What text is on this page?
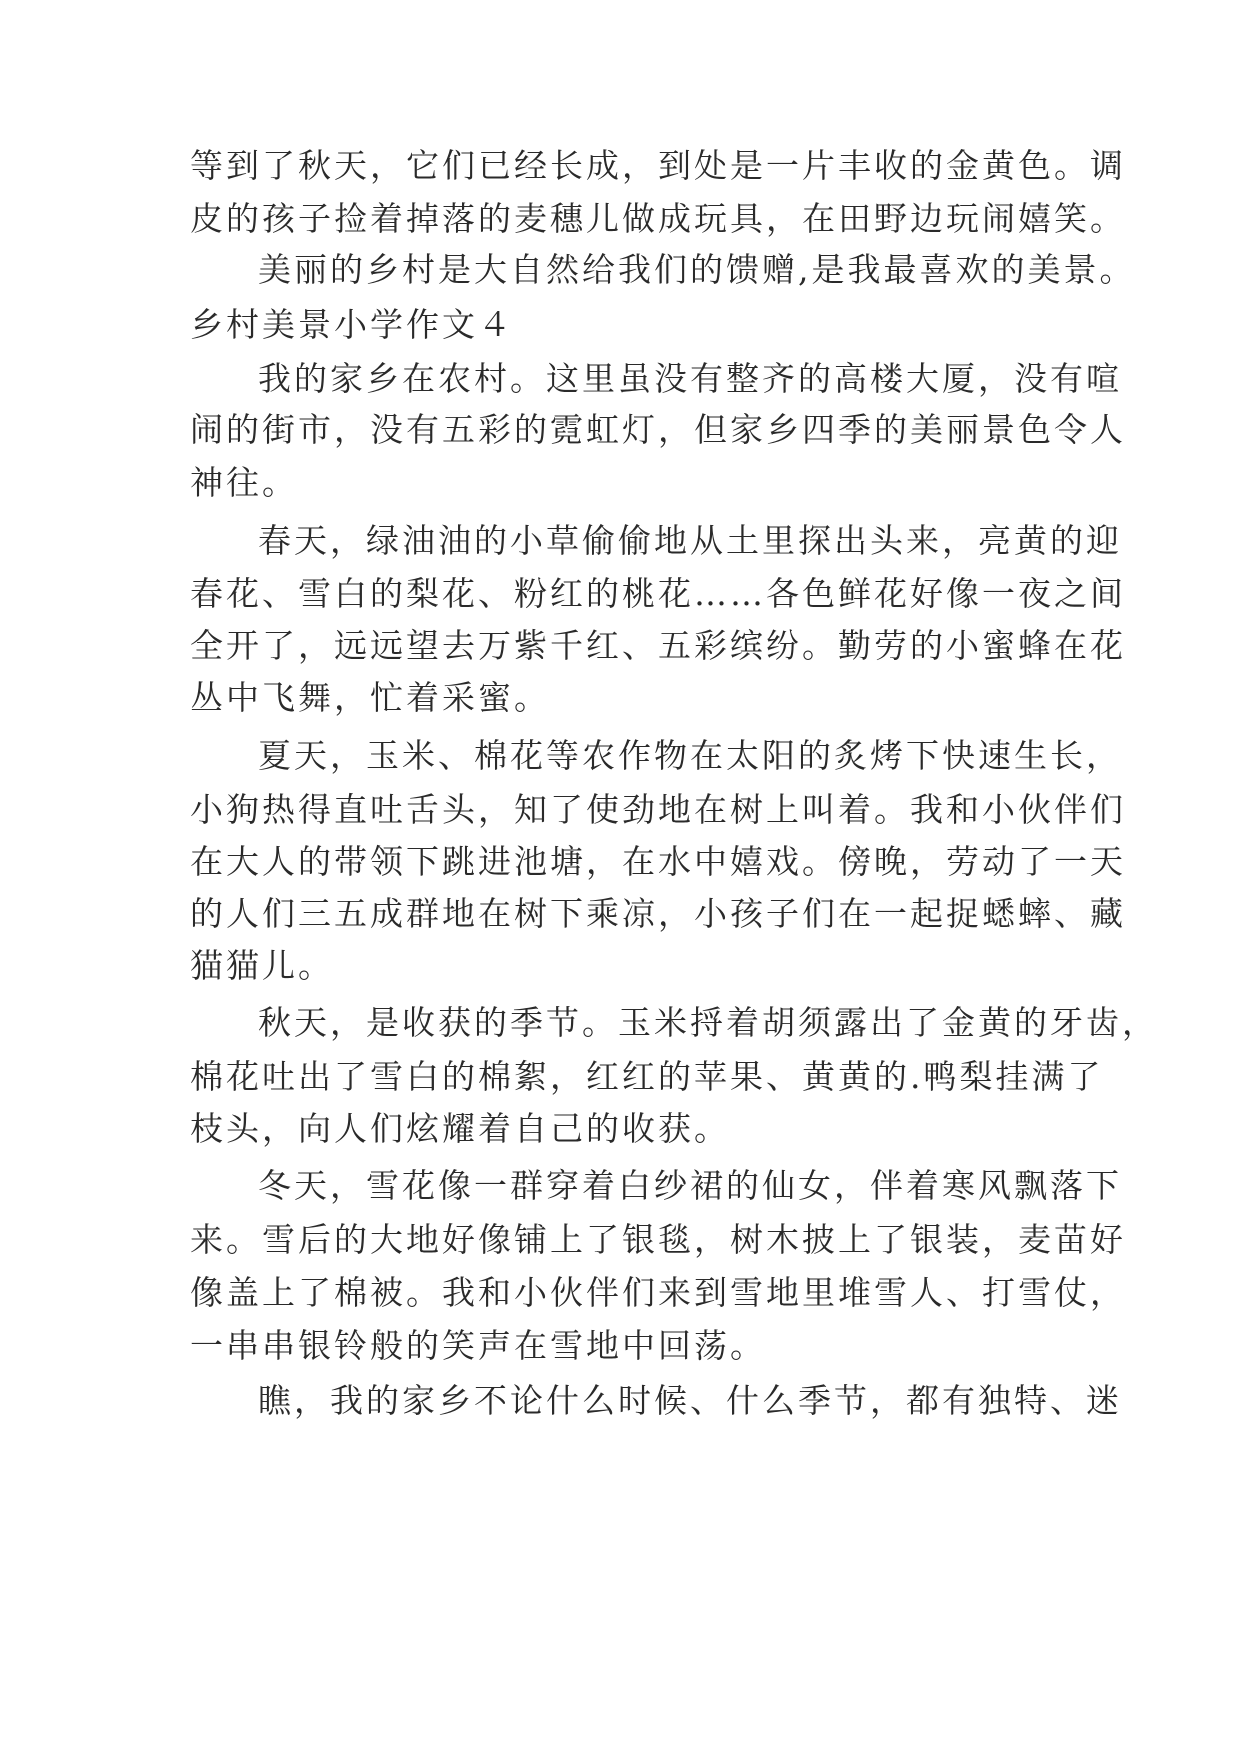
等到了秋天，它们已经长成，到处是一片丰收的金黄色。调
皮的孩子捡着掉落的麦穗儿做成玩具，在田野边玩闹嬉笑。
美丽的乡村是大自然给我们的馈赠,是我最喜欢的美景。
乡村美景小学作文４
我的家乡在农村。这里虽没有整齐的高楼大厦，没有喧
闹的街市，没有五彩的霓虹灯，但家乡四季的美丽景色令人
神往。
春天，绿油油的小草偷偷地从土里探出头来，亮黄的迎
春花、雪白的梨花、粉红的桃花……各色鲜花好像一夜之间
全开了，远远望去万紫千红、五彩缤纷。勤劳的小蜜蜂在花
丛中飞舞，忙着采蜜。
夏天，玉米、棉花等农作物在太阳的炙烤下快速生长，
小狗热得直吐舌头，知了使劲地在树上叫着。我和小伙伴们
在大人的带领下跳进池塘，在水中嬉戏。傍晚，劳动了一天
的人们三五成群地在树下乘凉，小孩子们在一起捉蟋蟀、藏
猫猫儿。
秋天，是收获的季节。玉米捋着胡须露出了金黄的牙齿，
棉花吐出了雪白的棉絮，红红的苹果、黄黄的.鸭梨挂满了
枝头，向人们炫耀着自己的收获。
冬天，雪花像一群穿着白纱裙的仙女，伴着寒风飘落下
来。雪后的大地好像铺上了银毯，树木披上了银装，麦苗好
像盖上了棉被。我和小伙伴们来到雪地里堆雪人、打雪仗，
一串串银铃般的笑声在雪地中回荡。
瞧，我的家乡不论什么时候、什么季节，都有独特、迷
